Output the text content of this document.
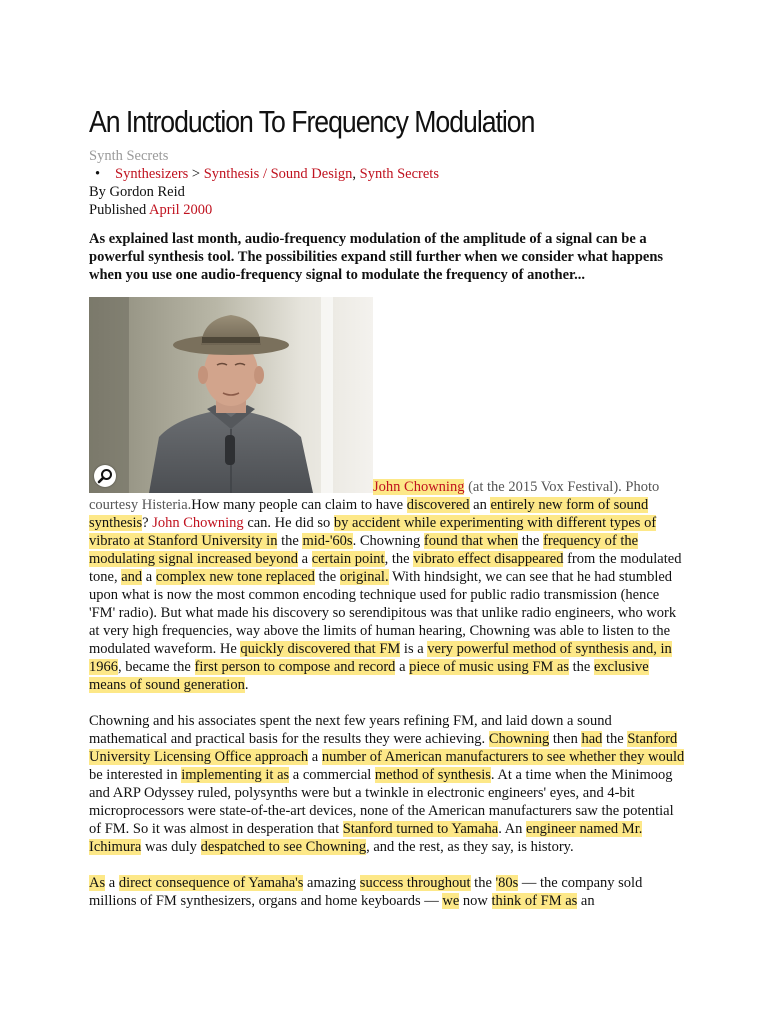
An Introduction To Frequency Modulation
Synth Secrets
• Synthesizers > Synthesis / Sound Design, Synth Secrets
By Gordon Reid
Published April 2000

As explained last month, audio-frequency modulation of the amplitude of a signal can be a powerful synthesis tool. The possibilities expand still further when we consider what happens when you use one audio-frequency signal to modulate the frequency of another...

John Chowning (at the 2015 Vox Festival). Photo courtesy Histeria.How many people can claim to have discovered an entirely new form of sound synthesis? John Chowning can. He did so by accident while experimenting with different types of vibrato at Stanford University in the mid-'60s. Chowning found that when the frequency of the modulating signal increased beyond a certain point, the vibrato effect disappeared from the modulated tone, and a complex new tone replaced the original. With hindsight, we can see that he had stumbled upon what is now the most common encoding technique used for public radio transmission (hence 'FM' radio). But what made his discovery so serendipitous was that unlike radio engineers, who work at very high frequencies, way above the limits of human hearing, Chowning was able to listen to the modulated waveform. He quickly discovered that FM is a very powerful method of synthesis and, in 1966, became the first person to compose and record a piece of music using FM as the exclusive means of sound generation.

Chowning and his associates spent the next few years refining FM, and laid down a sound mathematical and practical basis for the results they were achieving. Chowning then had the Stanford University Licensing Office approach a number of American manufacturers to see whether they would be interested in implementing it as a commercial method of synthesis. At a time when the Minimoog and ARP Odyssey ruled, polysynths were but a twinkle in electronic engineers' eyes, and 4-bit microprocessors were state-of-the-art devices, none of the American manufacturers saw the potential of FM. So it was almost in desperation that Stanford turned to Yamaha. An engineer named Mr. Ichimura was duly despatched to see Chowning, and the rest, as they say, is history.

As a direct consequence of Yamaha's amazing success throughout the '80s — the company sold millions of FM synthesizers, organs and home keyboards — we now think of FM as an
